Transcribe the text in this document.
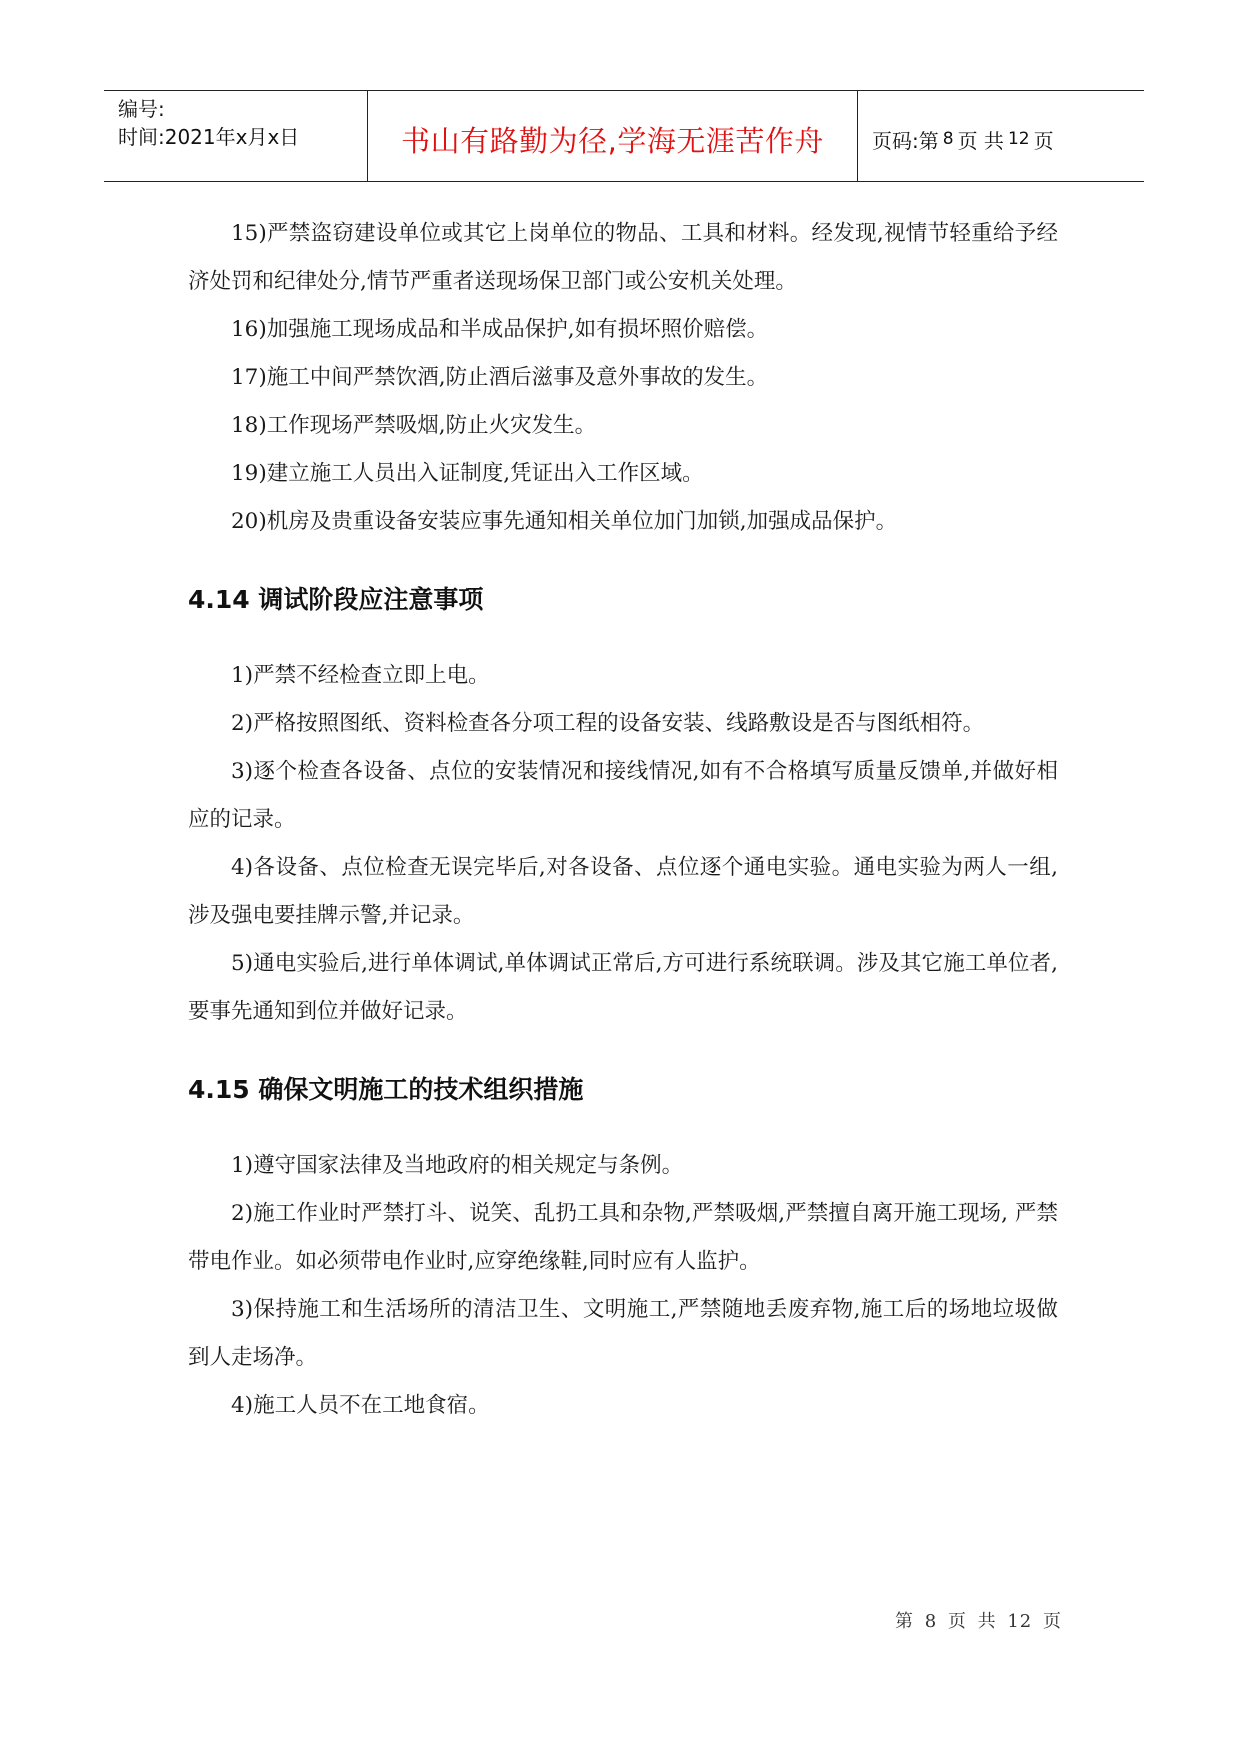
编号:
时间:2021年x月x日	书山有路勤为径,学海无涯苦作舟	页码:第 8 页 共 12 页

15)严禁盗窃建设单位或其它上岗单位的物品、工具和材料。经发现,视情节轻重给予经济处罚和纪律处分,情节严重者送现场保卫部门或公安机关处理。

16)加强施工现场成品和半成品保护,如有损坏照价赔偿。

17)施工中间严禁饮酒,防止酒后滋事及意外事故的发生。

18)工作现场严禁吸烟,防止火灾发生。

19)建立施工人员出入证制度,凭证出入工作区域。

20)机房及贵重设备安装应事先通知相关单位加门加锁,加强成品保护。

4.14 调试阶段应注意事项

1)严禁不经检查立即上电。

2)严格按照图纸、资料检查各分项工程的设备安装、线路敷设是否与图纸相符。

3)逐个检查各设备、点位的安装情况和接线情况,如有不合格填写质量反馈单,并做好相应的记录。

4)各设备、点位检查无误完毕后,对各设备、点位逐个通电实验。通电实验为两人一组,涉及强电要挂牌示警,并记录。

5)通电实验后,进行单体调试,单体调试正常后,方可进行系统联调。涉及其它施工单位者,要事先通知到位并做好记录。

4.15 确保文明施工的技术组织措施

1)遵守国家法律及当地政府的相关规定与条例。

2)施工作业时严禁打斗、说笑、乱扔工具和杂物,严禁吸烟,严禁擅自离开施工现场, 严禁带电作业。如必须带电作业时,应穿绝缘鞋,同时应有人监护。

3)保持施工和生活场所的清洁卫生、文明施工,严禁随地丢废弃物,施工后的场地垃圾做到人走场净。

4)施工人员不在工地食宿。

第 8 页 共 12 页
